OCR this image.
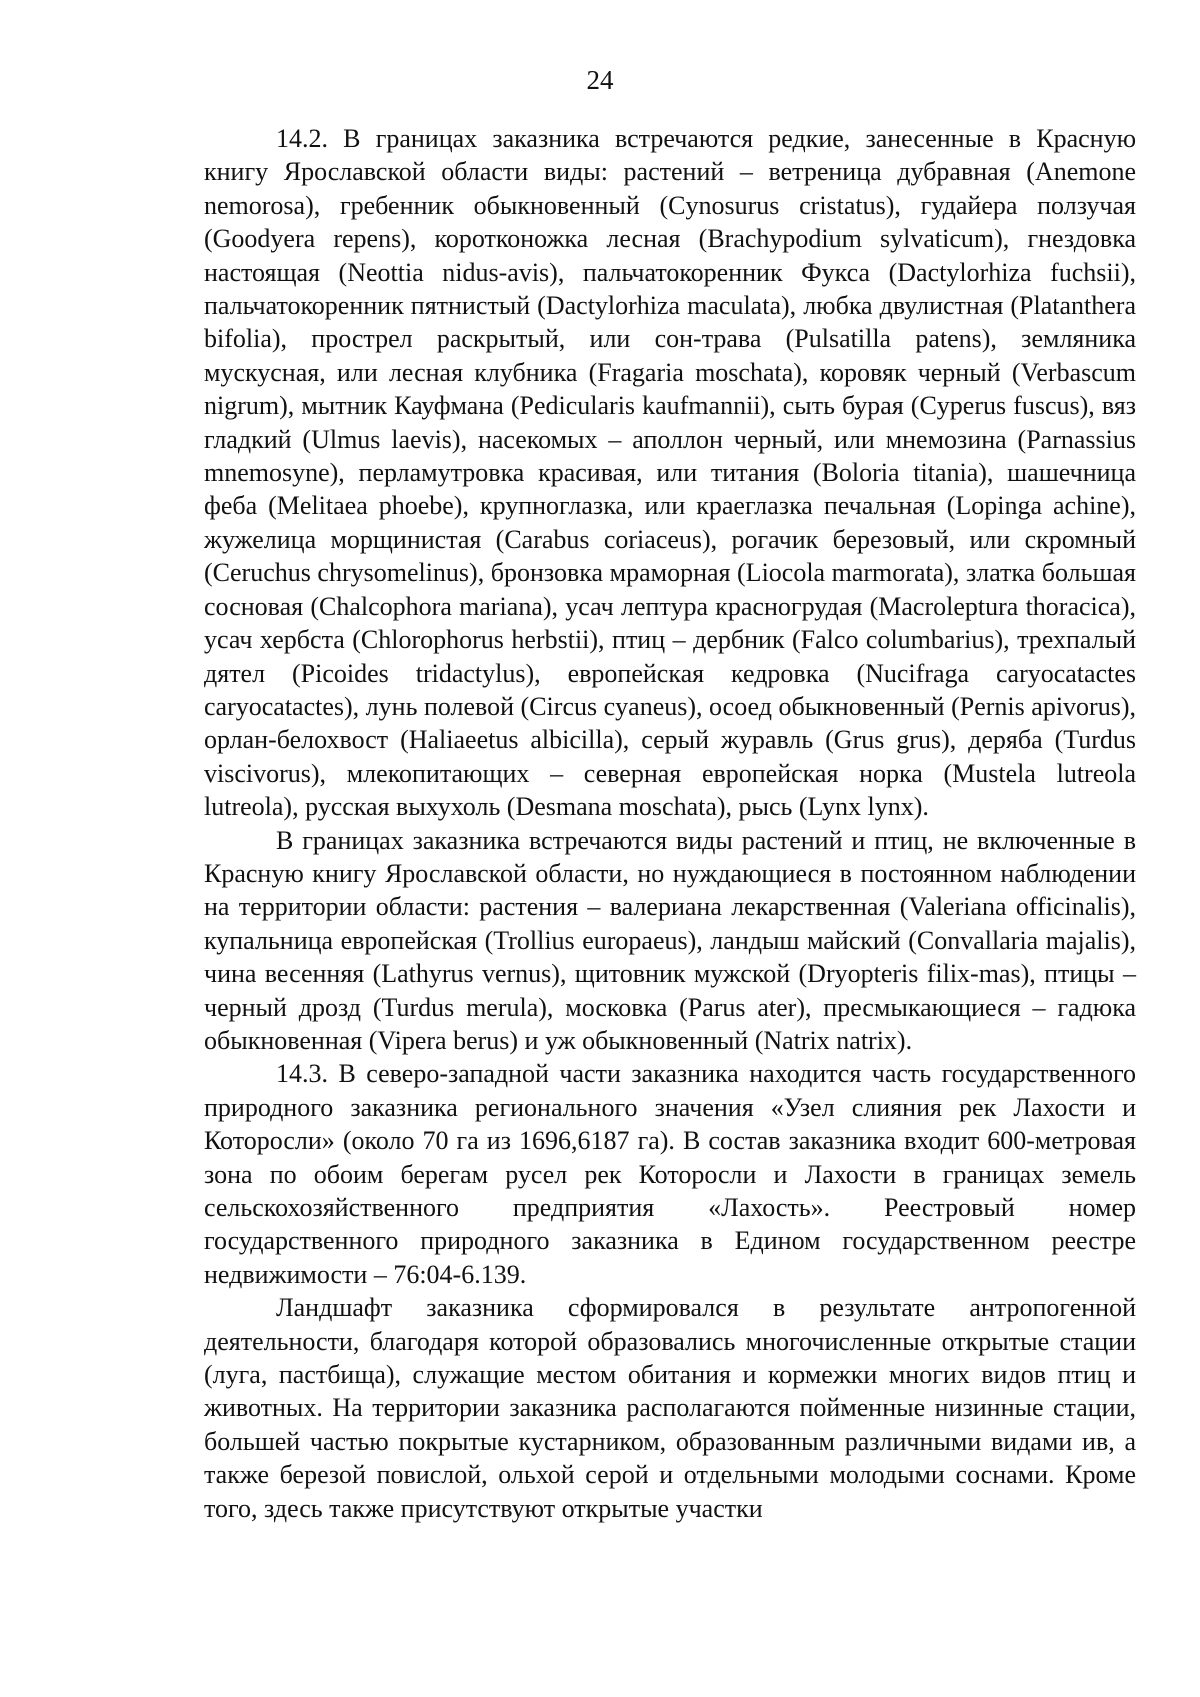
24

14.2. В границах заказника встречаются редкие, занесенные в Красную книгу Ярославской области виды: растений – ветреница дубравная (Anemone nemorosa), гребенник обыкновенный (Cynosurus cristatus), гудайера ползучая (Goodyera repens), коротконожка лесная (Brachypodium sylvaticum), гнездовка настоящая (Neottia nidus-avis), пальчатокоренник Фукса (Dactylorhiza fuchsii), пальчатокоренник пятнистый (Dactylorhiza maculata), любка двулистная (Platanthera bifolia), прострел раскрытый, или сон-трава (Pulsatilla patens), земляника мускусная, или лесная клубника (Fragaria moschata), коровяк черный (Verbascum nigrum), мытник Кауфмана (Pedicularis kaufmannii), сыть бурая (Cyperus fuscus), вяз гладкий (Ulmus laevis), насекомых – аполлон черный, или мнемозина (Parnassius mnemosyne), перламутровка красивая, или титания (Boloria titania), шашечница феба (Melitaea phoebe), крупноглазка, или краеглазка печальная (Lopinga achine), жужелица морщинистая (Carabus coriaceus), рогачик березовый, или скромный (Ceruchus chrysomelinus), бронзовка мраморная (Liocola marmorata), златка большая сосновая (Chalcophora mariana), усач лептура красногрудая (Macroleptura thoracica), усач хербста (Chlorophorus herbstii), птиц – дербник (Falco columbarius), трехпалый дятел (Picoides tridactylus), европейская кедровка (Nucifraga caryocatactes caryocatactes), лунь полевой (Circus cyaneus), осоед обыкновенный (Pernis apivorus), орлан-белохвост (Haliaeetus albicilla), серый журавль (Grus grus), деряба (Turdus viscivorus), млекопитающих – северная европейская норка (Mustela lutreola lutreola), русская выхухоль (Desmana moschata), рысь (Lynx lynx).

В границах заказника встречаются виды растений и птиц, не включенные в Красную книгу Ярославской области, но нуждающиеся в постоянном наблюдении на территории области: растения – валериана лекарственная (Valeriana officinalis), купальница европейская (Trollius europaeus), ландыш майский (Convallaria majalis), чина весенняя (Lathyrus vernus), щитовник мужской (Dryopteris filix-mas), птицы – черный дрозд (Turdus merula), московка (Parus ater), пресмыкающиеся – гадюка обыкновенная (Vipera berus) и уж обыкновенный (Natrix natrix).

14.3. В северо-западной части заказника находится часть государственного природного заказника регионального значения «Узел слияния рек Лахости и Которосли» (около 70 га из 1696,6187 га). В состав заказника входит 600-метровая зона по обоим берегам русел рек Которосли и Лахости в границах земель сельскохозяйственного предприятия «Лахость». Реестровый номер государственного природного заказника в Едином государственном реестре недвижимости – 76:04-6.139.

Ландшафт заказника сформировался в результате антропогенной деятельности, благодаря которой образовались многочисленные открытые стации (луга, пастбища), служащие местом обитания и кормежки многих видов птиц и животных. На территории заказника располагаются пойменные низинные стации, большей частью покрытые кустарником, образованным различными видами ив, а также березой повислой, ольхой серой и отдельными молодыми соснами. Кроме того, здесь также присутствуют открытые участки
